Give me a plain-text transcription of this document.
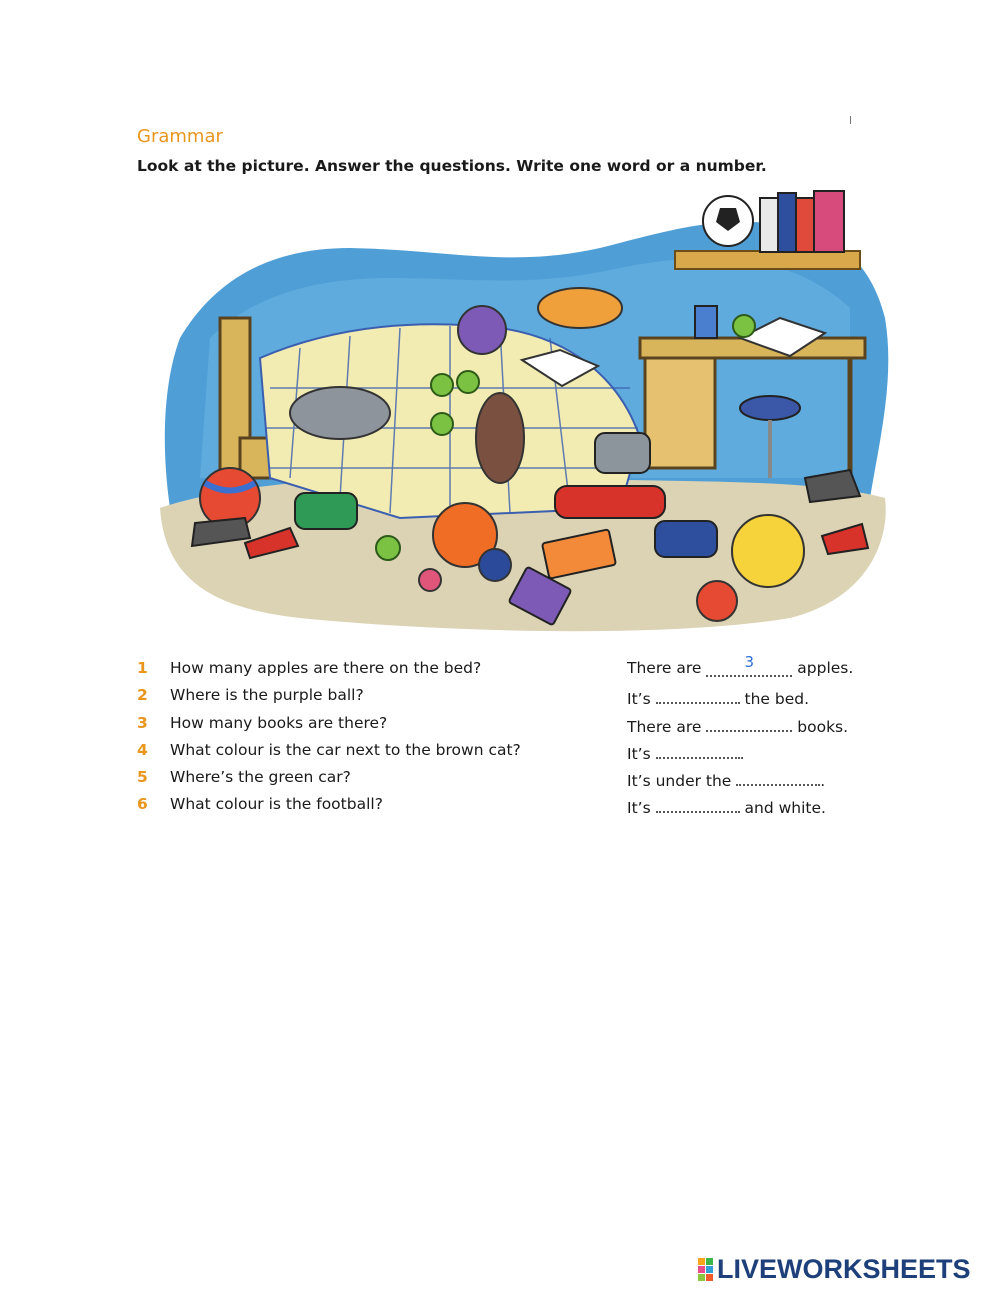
Grammar
Look at the picture. Answer the questions. Write one word or a number.
1	How many apples are there on the bed?	There are	3	apples.
2	Where is the purple ball?	It’s	the bed.
3	How many books are there?	There are	books.
4	What colour is the car next to the brown cat?	It’s	.
5	Where’s the green car?	It’s under the	.
6	What colour is the football?	It’s	and white.
LIVEWORKSHEETS
